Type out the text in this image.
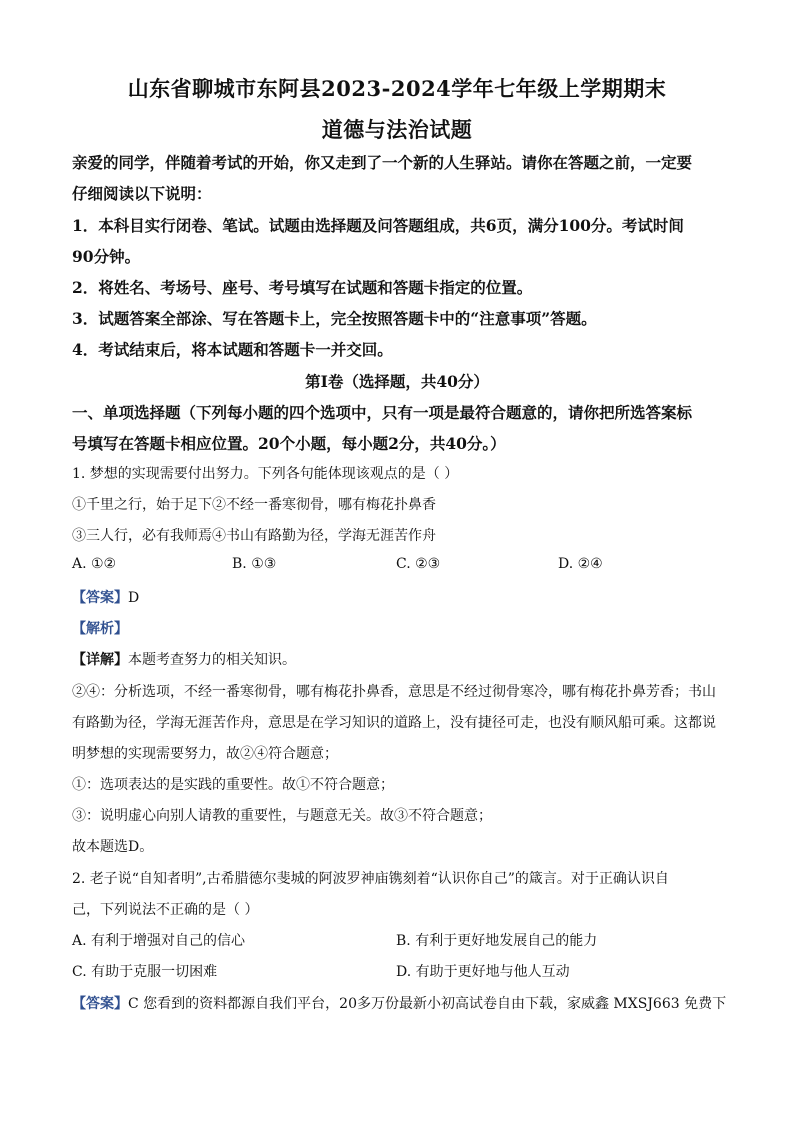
山东省聊城市东阿县2023-2024学年七年级上学期期末
道德与法治试题
亲爱的同学，伴随着考试的开始，你又走到了一个新的人生驿站。请你在答题之前，一定要
仔细阅读以下说明：
1．本科目实行闭卷、笔试。试题由选择题及问答题组成，共6页，满分100分。考试时间
90分钟。
2．将姓名、考场号、座号、考号填写在试题和答题卡指定的位置。
3．试题答案全部涂、写在答题卡上，完全按照答题卡中的“注意事项”答题。
4．考试结束后，将本试题和答题卡一并交回。
第Ⅰ卷（选择题，共40分）
一、单项选择题（下列每小题的四个选项中，只有一项是最符合题意的，请你把所选答案标
号填写在答题卡相应位置。20个小题，每小题2分，共40分。）
1. 梦想的实现需要付出努力。下列各句能体现该观点的是（ ）
①千里之行，始于足下②不经一番寒彻骨，哪有梅花扑鼻香
③三人行，必有我师焉④书山有路勤为径，学海无涯苦作舟
A. ①②	B. ①③	C. ②③	D. ②④
【答案】D
【解析】
【详解】本题考查努力的相关知识。
②④：分析选项，不经一番寒彻骨，哪有梅花扑鼻香，意思是不经过彻骨寒冷，哪有梅花扑鼻芳香；书山
有路勤为径，学海无涯苦作舟，意思是在学习知识的道路上，没有捷径可走，也没有顺风船可乘。这都说
明梦想的实现需要努力，故②④符合题意；
①：选项表达的是实践的重要性。故①不符合题意；
③：说明虚心向别人请教的重要性，与题意无关。故③不符合题意；
故本题选D。
2. 老子说“自知者明”,古希腊德尔斐城的阿波罗神庙镌刻着“认识你自己”的箴言。对于正确认识自
己，下列说法不正确的是（ ）
A. 有利于增强对自己的信心	B. 有利于更好地发展自己的能力
C. 有助于克服一切困难	D. 有助于更好地与他人互动
【答案】C 您看到的资料都源自我们平台，20多万份最新小初高试卷自由下载，家威鑫 MXSJ663 免费下
